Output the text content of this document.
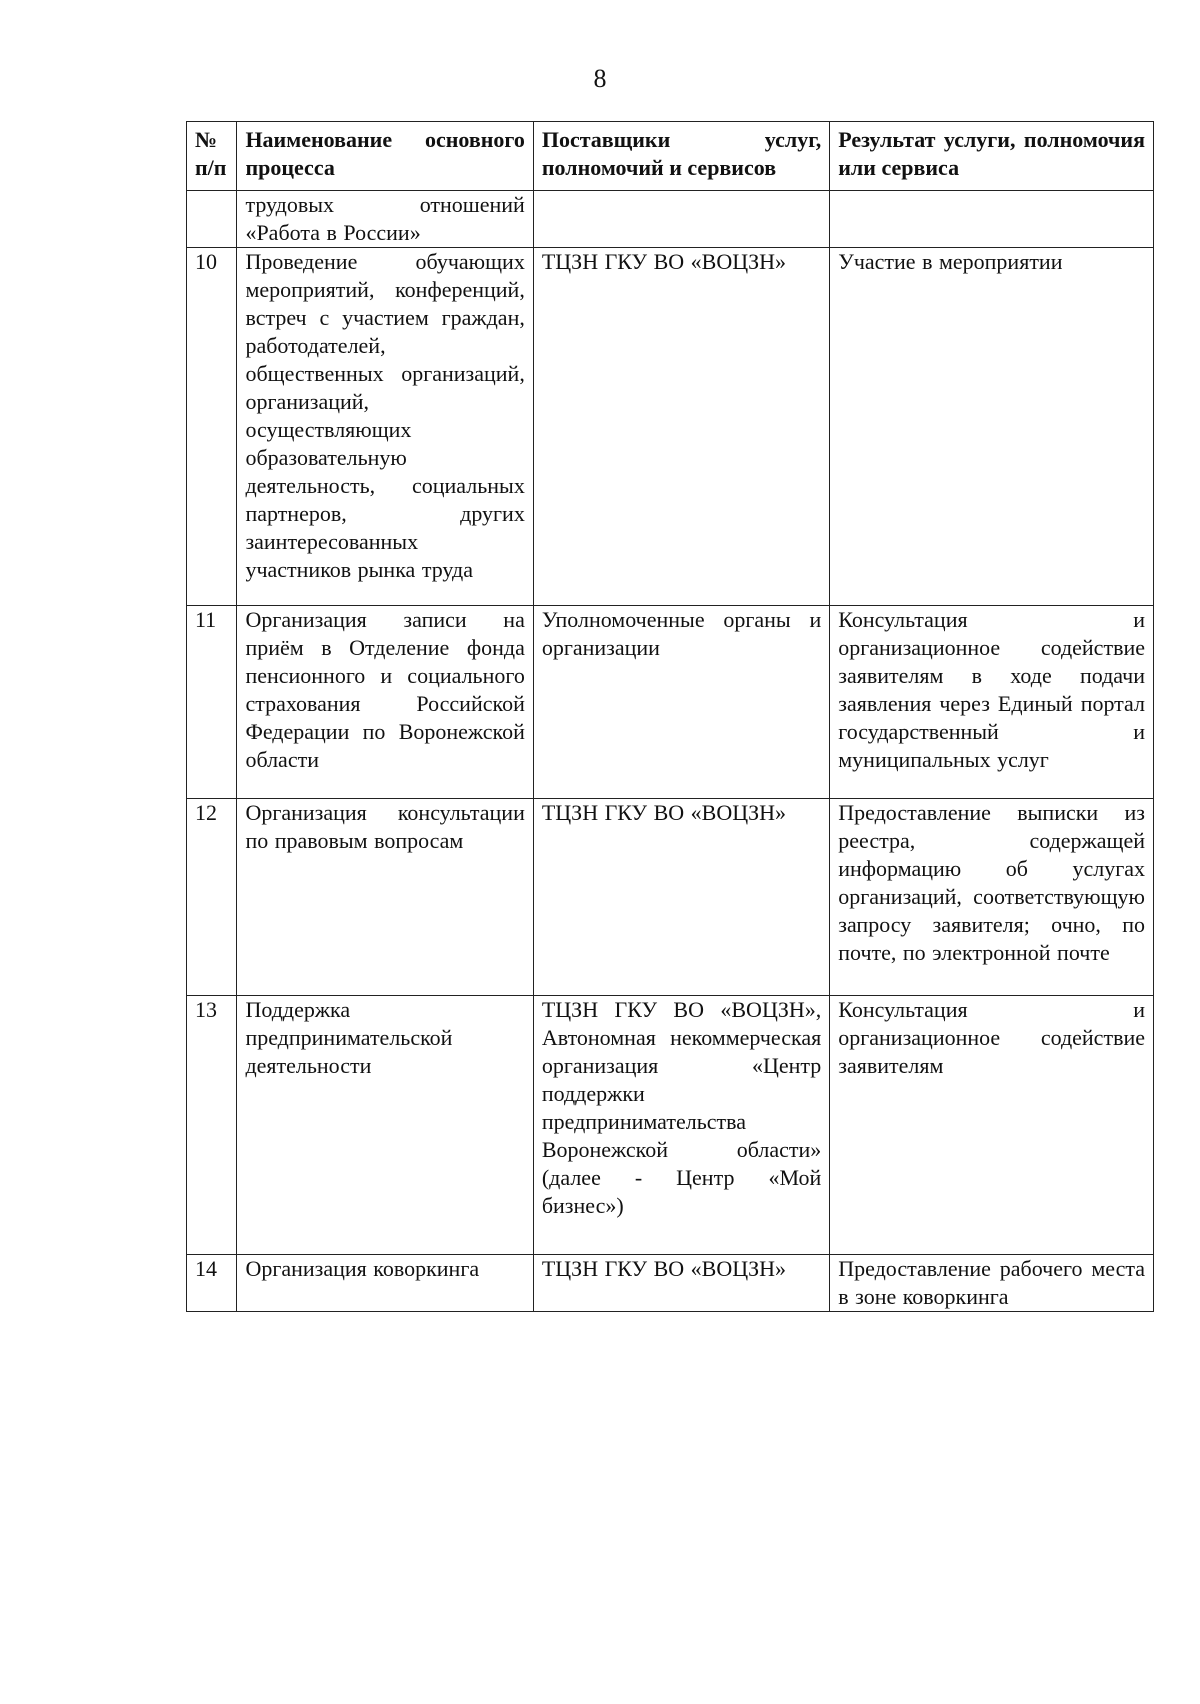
8
№ п/п	Наименование основного процесса	Поставщики услуг, полномочий и сервисов	Результат услуги, полномочия или сервиса
	трудовых отношений «Работа в России»		
10	Проведение обучающих мероприятий, конференций, встреч с участием граждан, работодателей, общественных организаций, организаций, осуществляющих образовательную деятельность, социальных партнеров, других заинтересованных участников рынка труда	ТЦЗН ГКУ ВО «ВОЦЗН»	Участие в мероприятии
11	Организация записи на приём в Отделение фонда пенсионного и социального страхования Российской Федерации по Воронежской области	Уполномоченные органы и организации	Консультация и организационное содействие заявителям в ходе подачи заявления через Единый портал государственный и муниципальных услуг
12	Организация консультации по правовым вопросам	ТЦЗН ГКУ ВО «ВОЦЗН»	Предоставление выписки из реестра, содержащей информацию об услугах организаций, соответствующую запросу заявителя; очно, по почте, по электронной почте
13	Поддержка предпринимательской деятельности	ТЦЗН ГКУ ВО «ВОЦЗН», Автономная некоммерческая организация «Центр поддержки предпринимательства Воронежской области» (далее - Центр «Мой бизнес»)	Консультация и организационное содействие заявителям
14	Организация коворкинга	ТЦЗН ГКУ ВО «ВОЦЗН»	Предоставление рабочего места в зоне коворкинга
